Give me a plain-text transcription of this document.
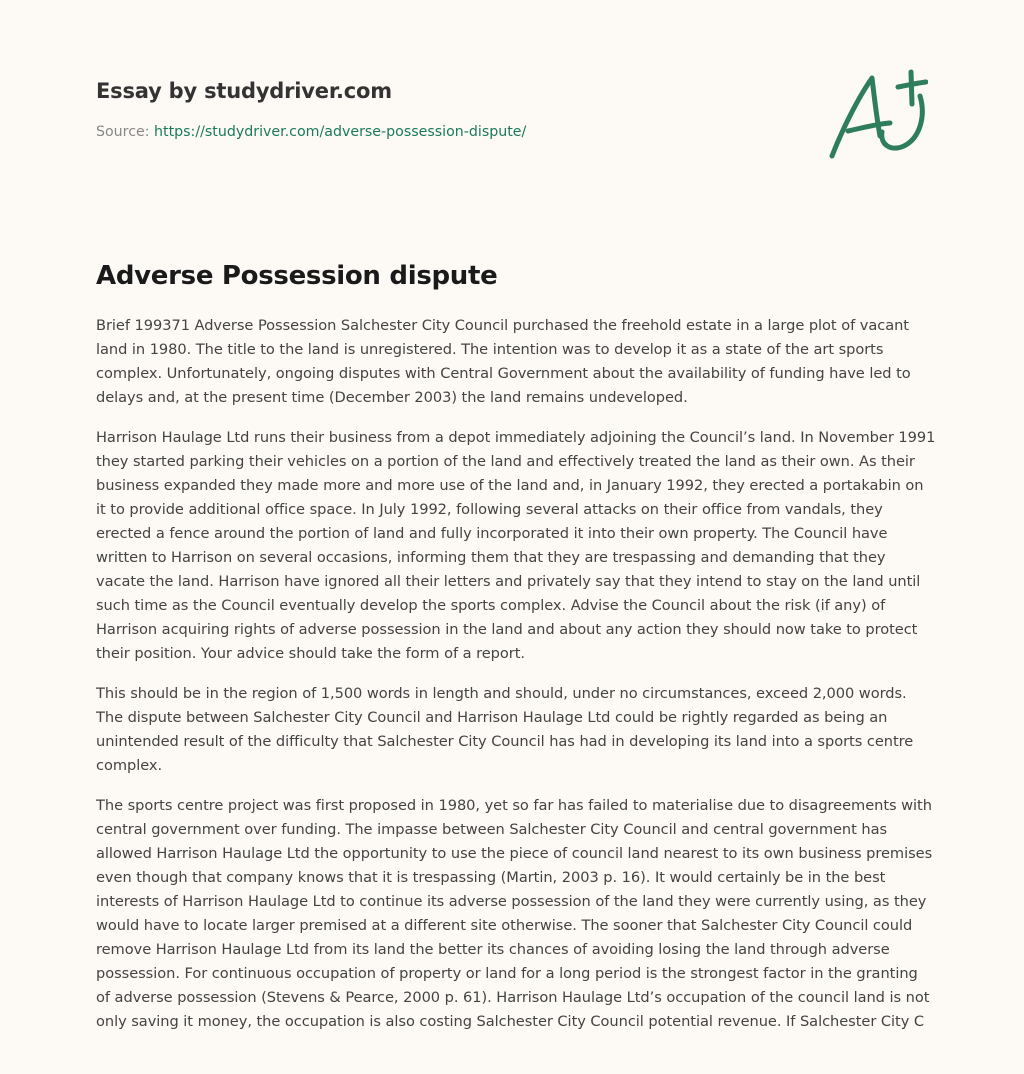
Essay by studydriver.com
Source: https://studydriver.com/adverse-possession-dispute/
Adverse Possession dispute

Brief 199371 Adverse Possession Salchester City Council purchased the freehold estate in a large plot of vacant land in 1980. The title to the land is unregistered. The intention was to develop it as a state of the art sports complex. Unfortunately, ongoing disputes with Central Government about the availability of funding have led to delays and, at the present time (December 2003) the land remains undeveloped.

Harrison Haulage Ltd runs their business from a depot immediately adjoining the Council’s land. In November 1991 they started parking their vehicles on a portion of the land and effectively treated the land as their own. As their business expanded they made more and more use of the land and, in January 1992, they erected a portakabin on it to provide additional office space. In July 1992, following several attacks on their office from vandals, they erected a fence around the portion of land and fully incorporated it into their own property. The Council have written to Harrison on several occasions, informing them that they are trespassing and demanding that they vacate the land. Harrison have ignored all their letters and privately say that they intend to stay on the land until such time as the Council eventually develop the sports complex. Advise the Council about the risk (if any) of Harrison acquiring rights of adverse possession in the land and about any action they should now take to protect their position. Your advice should take the form of a report.

This should be in the region of 1,500 words in length and should, under no circumstances, exceed 2,000 words. The dispute between Salchester City Council and Harrison Haulage Ltd could be rightly regarded as being an unintended result of the difficulty that Salchester City Council has had in developing its land into a sports centre complex.

The sports centre project was first proposed in 1980, yet so far has failed to materialise due to disagreements with central government over funding. The impasse between Salchester City Council and central government has allowed Harrison Haulage Ltd the opportunity to use the piece of council land nearest to its own business premises even though that company knows that it is trespassing (Martin, 2003 p. 16). It would certainly be in the best interests of Harrison Haulage Ltd to continue its adverse possession of the land they were currently using, as they would have to locate larger premised at a different site otherwise. The sooner that Salchester City Council could remove Harrison Haulage Ltd from its land the better its chances of avoiding losing the land through adverse possession. For continuous occupation of property or land for a long period is the strongest factor in the granting of adverse possession (Stevens & Pearce, 2000 p. 61). Harrison Haulage Ltd’s occupation of the council land is not only saving it money, the occupation is also costing Salchester City Council potential revenue. If Salchester City C
